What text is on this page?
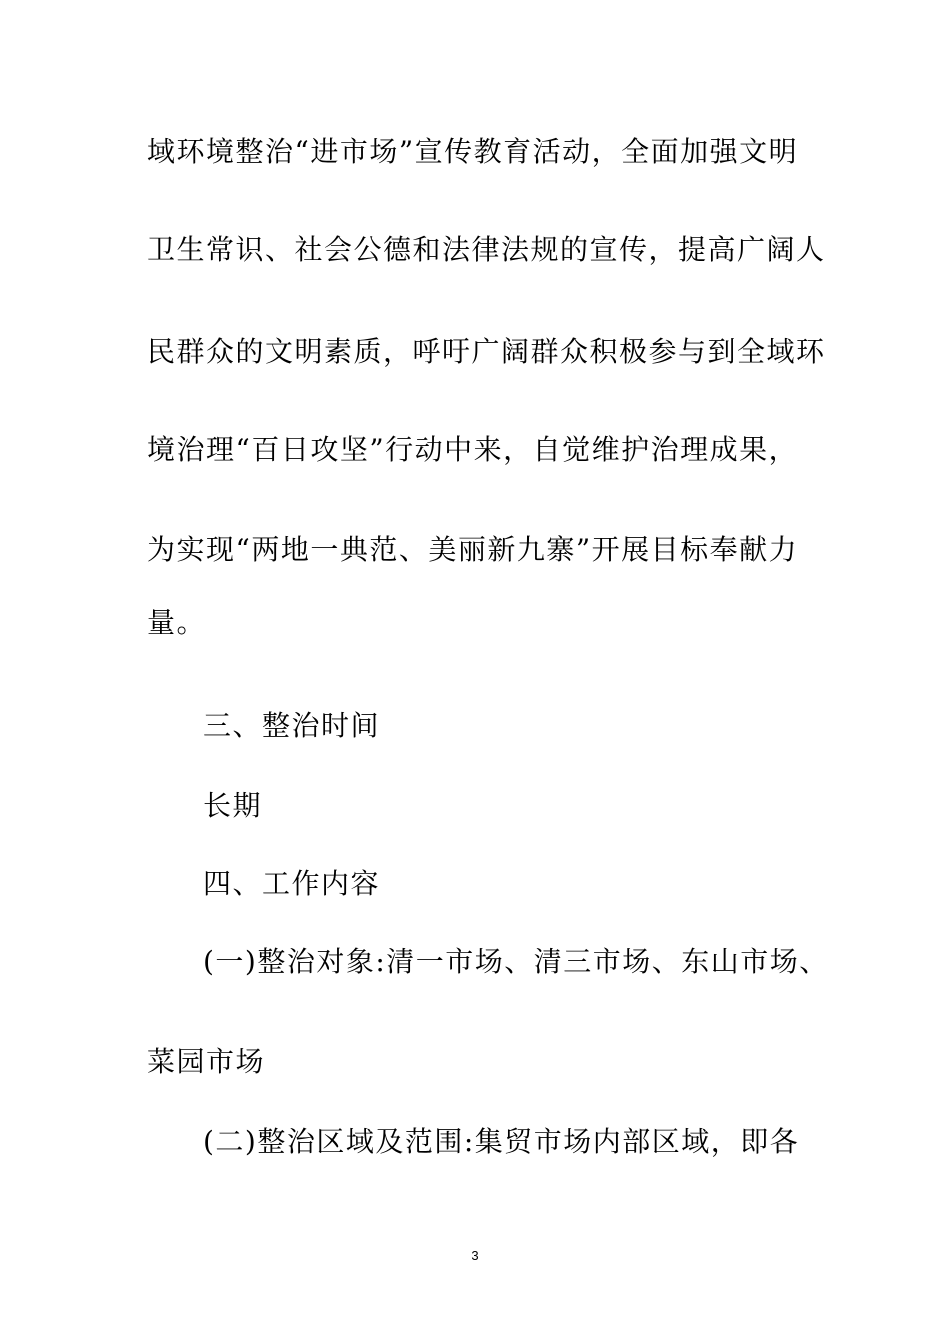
域环境整治“进市场”宣传教育活动，全面加强文明
卫生常识、社会公德和法律法规的宣传，提高广阔人
民群众的文明素质，呼吁广阔群众积极参与到全域环
境治理“百日攻坚”行动中来，自觉维护治理成果，
为实现“两地一典范、美丽新九寨”开展目标奉献力
量。
三、整治时间
长期
四、工作内容
(一)整治对象:清一市场、清三市场、东山市场、
菜园市场
(二)整治区域及范围:集贸市场内部区域，即各
3
